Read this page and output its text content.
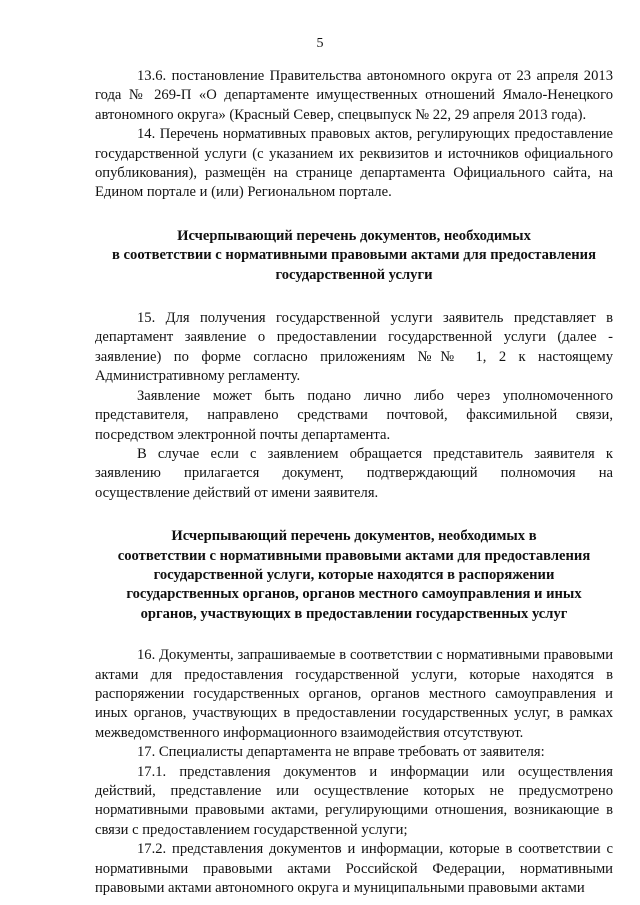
5

13.6. постановление Правительства автономного округа от 23 апреля 2013 года № 269-П «О департаменте имущественных отношений Ямало-Ненецкого автономного округа» (Красный Север, спецвыпуск № 22, 29 апреля 2013 года).

14. Перечень нормативных правовых актов, регулирующих предоставление государственной услуги (с указанием их реквизитов и источников официального опубликования), размещён на странице департамента Официального сайта, на Едином портале и (или) Региональном портале.

Исчерпывающий перечень документов, необходимых
в соответствии с нормативными правовыми актами для предоставления
государственной услуги

15. Для получения государственной услуги заявитель представляет в департамент заявление о предоставлении государственной услуги (далее - заявление) по форме согласно приложениям №№ 1, 2 к настоящему Административному регламенту.

Заявление может быть подано лично либо через уполномоченного представителя, направлено средствами почтовой, факсимильной связи, посредством электронной почты департамента.

В случае если с заявлением обращается представитель заявителя к заявлению прилагается документ, подтверждающий полномочия на осуществление действий от имени заявителя.

Исчерпывающий перечень документов, необходимых в
соответствии с нормативными правовыми актами для предоставления
государственной услуги, которые находятся в распоряжении
государственных органов, органов местного самоуправления и иных
органов, участвующих в предоставлении государственных услуг

16. Документы, запрашиваемые в соответствии с нормативными правовыми актами для предоставления государственной услуги, которые находятся в распоряжении государственных органов, органов местного самоуправления и иных органов, участвующих в предоставлении государственных услуг, в рамках межведомственного информационного взаимодействия отсутствуют.

17. Специалисты департамента не вправе требовать от заявителя:

17.1. представления документов и информации или осуществления действий, представление или осуществление которых не предусмотрено нормативными правовыми актами, регулирующими отношения, возникающие в связи с предоставлением государственной услуги;

17.2. представления документов и информации, которые в соответствии с нормативными правовыми актами Российской Федерации, нормативными правовыми актами автономного округа и муниципальными правовыми актами
